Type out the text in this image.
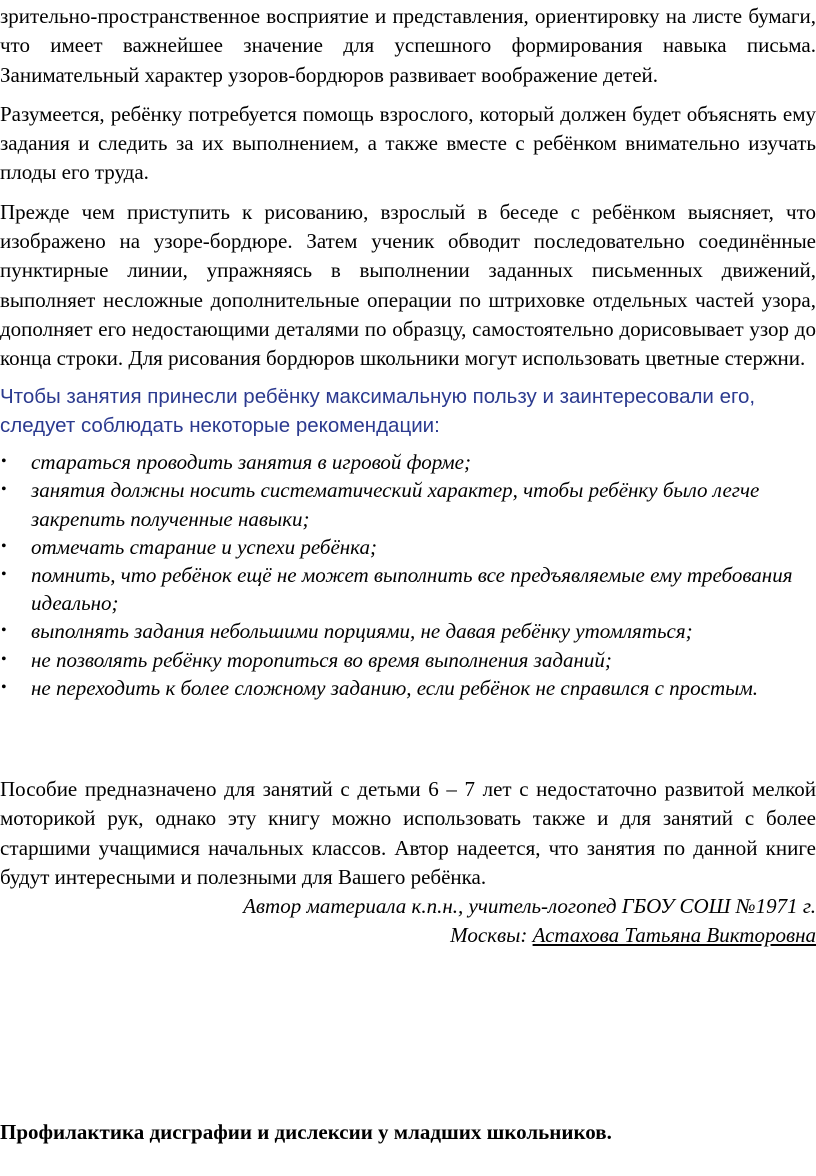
зрительно-пространственное восприятие и представления, ориентировку на листе бумаги, что имеет важнейшее значение для успешного формирования навыка письма. Занимательный характер узоров-бордюров развивает воображение детей.

Разумеется, ребёнку потребуется помощь взрослого, который должен будет объяснять ему задания и следить за их выполнением, а также вместе с ребёнком внимательно изучать плоды его труда.

Прежде чем приступить к рисованию, взрослый в беседе с ребёнком выясняет, что изображено на узоре-бордюре. Затем ученик обводит последовательно соединённые пунктирные линии, упражняясь в выполнении заданных письменных движений, выполняет несложные дополнительные операции по штриховке отдельных частей узора, дополняет его недостающими деталями по образцу, самостоятельно дорисовывает узор до конца строки. Для рисования бордюров школьники могут использовать цветные стержни.

Чтобы занятия принесли ребёнку максимальную пользу и заинтересовали его, следует соблюдать некоторые рекомендации:

• стараться проводить занятия в игровой форме;
• занятия должны носить систематический характер, чтобы ребёнку было легче закрепить полученные навыки;
• отмечать старание и успехи ребёнка;
• помнить, что ребёнок ещё не может выполнить все предъявляемые ему требования идеально;
• выполнять задания небольшими порциями, не давая ребёнку утомляться;
• не позволять ребёнку торопиться во время выполнения заданий;
• не переходить к более сложному заданию, если ребёнок не справился с простым.

Пособие предназначено для занятий с детьми 6 – 7 лет с недостаточно развитой мелкой моторикой рук, однако эту книгу можно использовать также и для занятий с более старшими учащимися начальных классов. Автор надеется, что занятия по данной книге будут интересными и полезными для Вашего ребёнка.

Автор материала к.п.н., учитель-логопед ГБОУ СОШ №1971 г.

Москвы: Астахова Татьяна Викторовна

Профилактика дисграфии и дислексии у младших школьников.
